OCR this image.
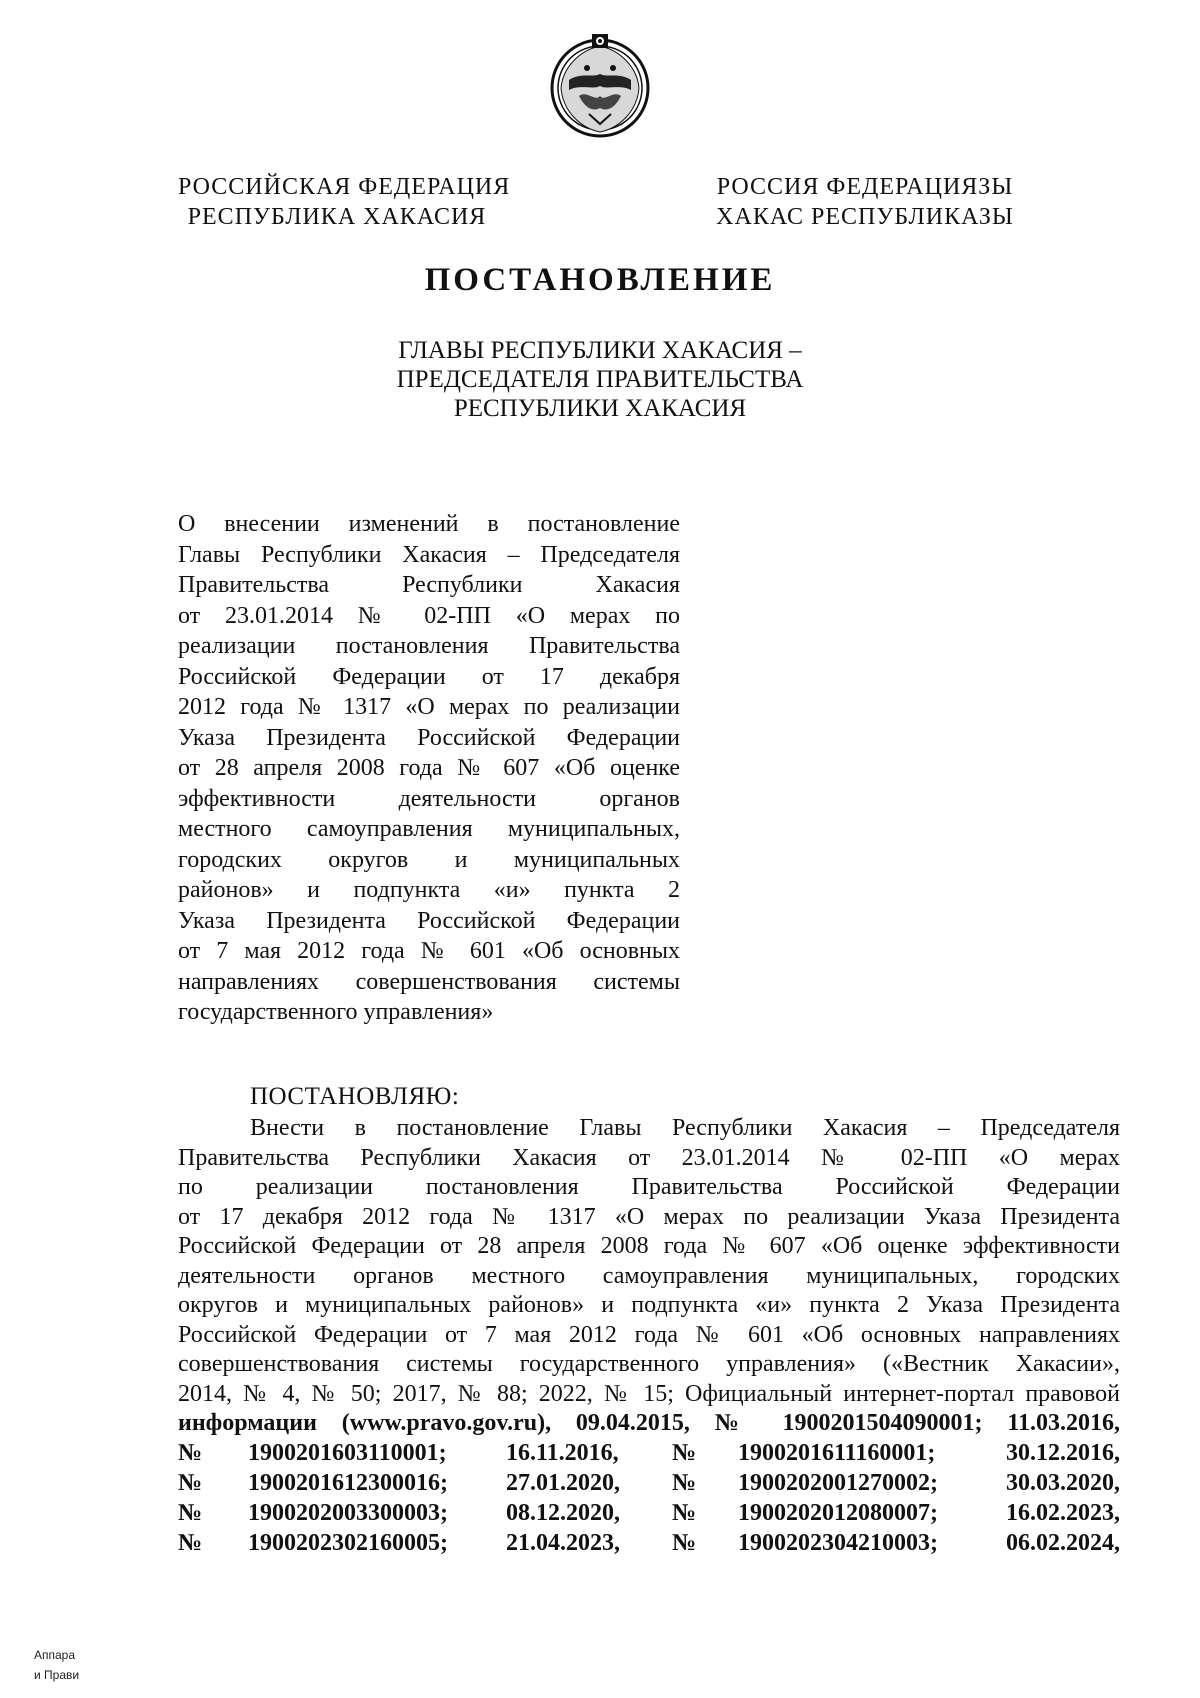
РОССИЙСКАЯ ФЕДЕРАЦИЯ
РЕСПУБЛИКА ХАКАСИЯ
РОССИЯ ФЕДЕРАЦИЯЗЫ
ХАКАС РЕСПУБЛИКАЗЫ
ПОСТАНОВЛЕНИЕ
ГЛАВЫ РЕСПУБЛИКИ ХАКАСИЯ –
ПРЕДСЕДАТЕЛЯ ПРАВИТЕЛЬСТВА
РЕСПУБЛИКИ ХАКАСИЯ
О внесении изменений в постановление
Главы Республики Хакасия – Председателя
Правительства Республики Хакасия
от 23.01.2014 № 02-ПП «О мерах по
реализации постановления Правительства
Российской Федерации от 17 декабря
2012 года № 1317 «О мерах по реализации
Указа Президента Российской Федерации
от 28 апреля 2008 года № 607 «Об оценке
эффективности деятельности органов
местного самоуправления муниципальных,
городских округов и муниципальных
районов» и подпункта «и» пункта 2
Указа Президента Российской Федерации
от 7 мая 2012 года № 601 «Об основных
направлениях совершенствования системы
государственного управления»
ПОСТАНОВЛЯЮ:
Внести в постановление Главы Республики Хакасия – Председателя
Правительства Республики Хакасия от 23.01.2014 № 02-ПП «О мерах
по реализации постановления Правительства Российской Федерации
от 17 декабря 2012 года № 1317 «О мерах по реализации Указа Президента
Российской Федерации от 28 апреля 2008 года № 607 «Об оценке эффективности
деятельности органов местного самоуправления муниципальных, городских
округов и муниципальных районов» и подпункта «и» пункта 2 Указа Президента
Российской Федерации от 7 мая 2012 года № 601 «Об основных направлениях
совершенствования системы государственного управления» («Вестник Хакасии»,
2014, № 4, № 50; 2017, № 88; 2022, № 15; Официальный интернет-портал правовой
информации (www.pravo.gov.ru), 09.04.2015, № 1900201504090001; 11.03.2016,
№ 1900201603110001; 16.11.2016, № 1900201611160001;	30.12.2016,
№ 1900201612300016; 27.01.2020, № 1900202001270002;	30.03.2020,
№ 1900202003300003; 08.12.2020, № 1900202012080007;	16.02.2023,
№ 1900202302160005; 21.04.2023, № 1900202304210003;	06.02.2024,
Аппара
и Прави
